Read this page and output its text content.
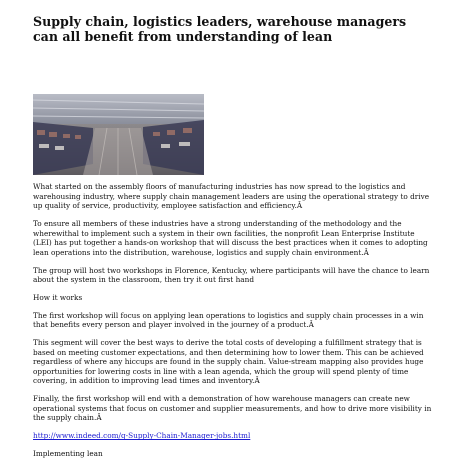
Supply chain, logistics leaders, warehouse managers can all benefit from understanding of lean

What started on the assembly floors of manufacturing industries has now spread to the logistics and warehousing industry, where supply chain management leaders are using the operational strategy to drive up quality of service, productivity, employee satisfaction and efficiency.Â

To ensure all members of these industries have a strong understanding of the methodology and the wherewithal to implement such a system in their own facilities, the nonprofit Lean Enterprise Institute (LEI) has put together a hands-on workshop that will discuss the best practices when it comes to adopting lean operations into the distribution, warehouse, logistics and supply chain environment.Â

The group will host two workshops in Florence, Kentucky, where participants will have the chance to learn about the system in the classroom, then try it out first hand

How it works

The first workshop will focus on applying lean operations to logistics and supply chain processes in a win that benefits every person and player involved in the journey of a product.Â

This segment will cover the best ways to derive the total costs of developing a fulfillment strategy that is based on meeting customer expectations, and then determining how to lower them. This can be achieved regardless of where any hiccups are found in the supply chain. Value-stream mapping also provides huge opportunities for lowering costs in line with a lean agenda, which the group will spend plenty of time covering, in addition to improving lead times and inventory.Â

Finally, the first workshop will end with a demonstration of how warehouse managers can create new operational systems that focus on customer and supplier measurements, and how to drive more visibility in the supply chain.Â

http://www.indeed.com/q-Supply-Chain-Manager-jobs.html

Implementing lean
